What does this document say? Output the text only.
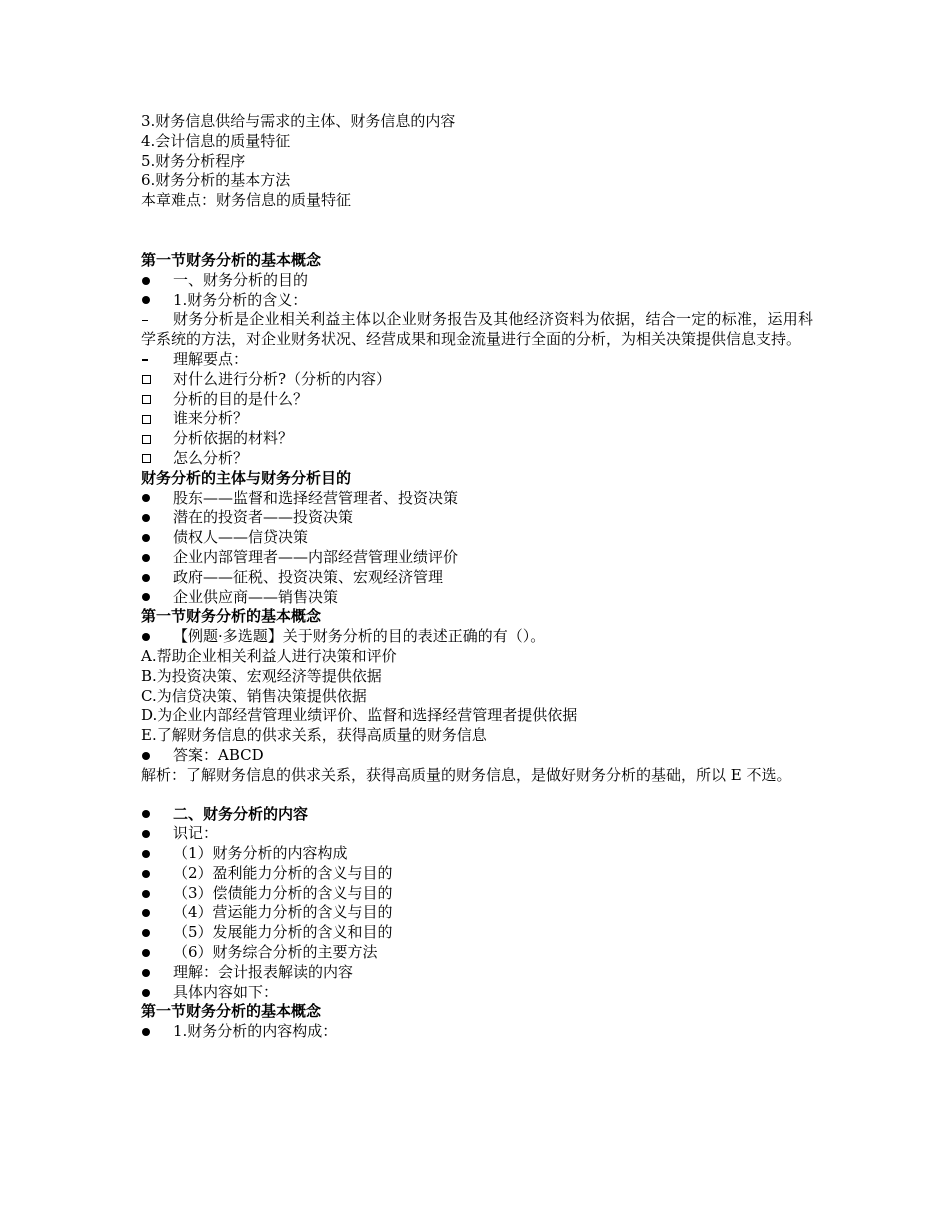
3.财务信息供给与需求的主体、财务信息的内容

4.会计信息的质量特征

5.财务分析程序

6.财务分析的基本方法

本章难点：财务信息的质量特征

第一节财务分析的基本概念

一、财务分析的目的
1.财务分析的含义：
财务分析是企业相关利益主体以企业财务报告及其他经济资料为依据，结合一定的标准，运用科学系统的方法，对企业财务状况、经营成果和现金流量进行全面的分析，为相关决策提供信息支持。
理解要点：
对什么进行分析?（分析的内容）
分析的目的是什么？
谁来分析？
分析依据的材料？
怎么分析？

财务分析的主体与财务分析目的

股东——监督和选择经营管理者、投资决策
潜在的投资者——投资决策
债权人——信贷决策
企业内部管理者——内部经营管理业绩评价
政府——征税、投资决策、宏观经济管理
企业供应商——销售决策

第一节财务分析的基本概念

【例题·多选题】关于财务分析的目的表述正确的有（）。

A.帮助企业相关利益人进行决策和评价

B.为投资决策、宏观经济等提供依据

C.为信贷决策、销售决策提供依据

D.为企业内部经营管理业绩评价、监督和选择经营管理者提供依据

E.了解财务信息的供求关系，获得高质量的财务信息

答案：ABCD

解析：了解财务信息的供求关系，获得高质量的财务信息，是做好财务分析的基础，所以 E 不选。

二、财务分析的内容
识记：
（1）财务分析的内容构成
（2）盈利能力分析的含义与目的
（3）偿债能力分析的含义与目的
（4）营运能力分析的含义与目的
（5）发展能力分析的含义和目的
（6）财务综合分析的主要方法
理解：会计报表解读的内容
具体内容如下：

第一节财务分析的基本概念

1.财务分析的内容构成：
